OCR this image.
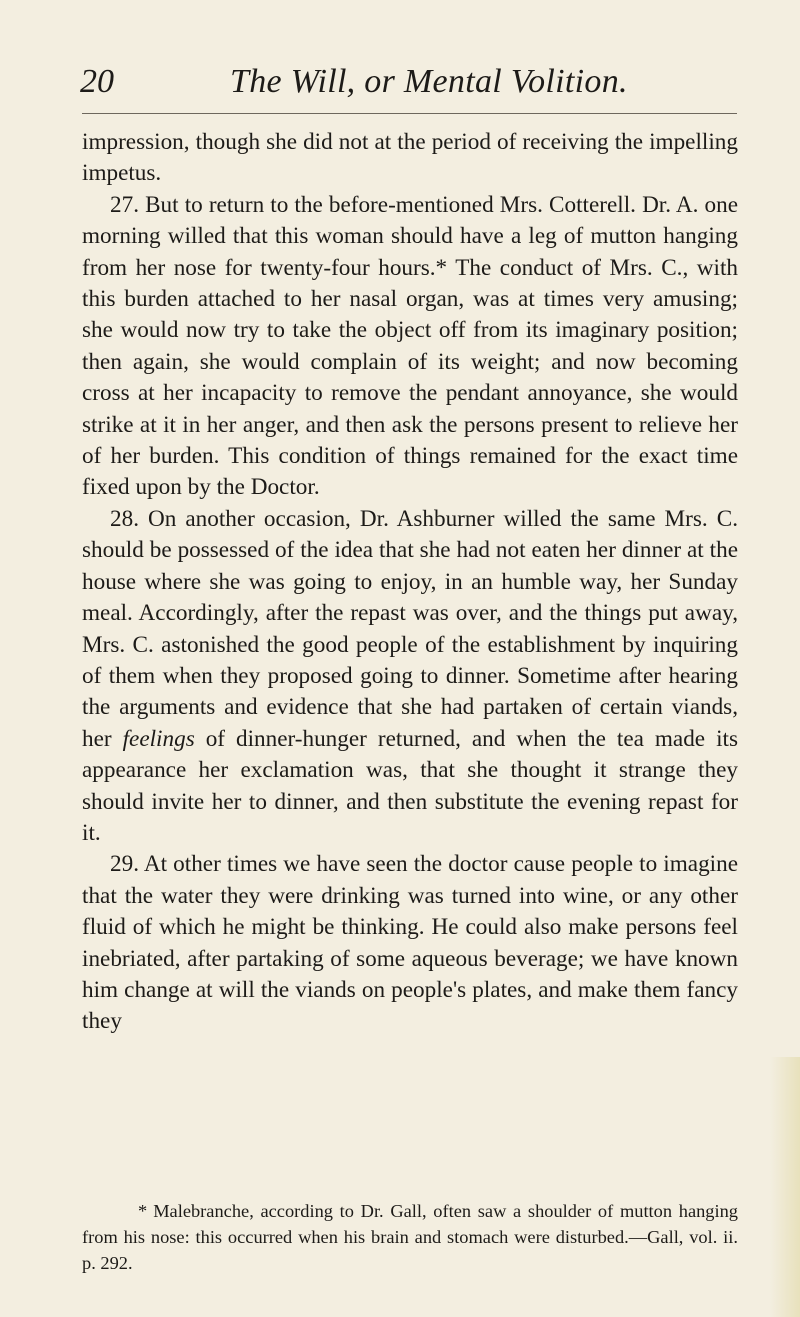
20	The Will, or Mental Volition.

impression, though she did not at the period of receiving the impelling impetus.

27. But to return to the before-mentioned Mrs. Cotterell. Dr. A. one morning willed that this woman should have a leg of mutton hanging from her nose for twenty-four hours.* The conduct of Mrs. C., with this burden attached to her nasal organ, was at times very amusing; she would now try to take the object off from its imaginary position; then again, she would complain of its weight; and now becoming cross at her incapacity to remove the pendant annoyance, she would strike at it in her anger, and then ask the persons present to relieve her of her burden. This condition of things remained for the exact time fixed upon by the Doctor.

28. On another occasion, Dr. Ashburner willed the same Mrs. C. should be possessed of the idea that she had not eaten her dinner at the house where she was going to enjoy, in an humble way, her Sunday meal. Accordingly, after the repast was over, and the things put away, Mrs. C. astonished the good people of the establishment by inquiring of them when they proposed going to dinner. Sometime after hearing the arguments and evidence that she had partaken of certain viands, her feelings of dinner-hunger returned, and when the tea made its appearance her exclamation was, that she thought it strange they should invite her to dinner, and then substitute the evening repast for it.

29. At other times we have seen the doctor cause people to imagine that the water they were drinking was turned into wine, or any other fluid of which he might be thinking. He could also make persons feel inebriated, after partaking of some aqueous beverage; we have known him change at will the viands on people's plates, and make them fancy they

* Malebranche, according to Dr. Gall, often saw a shoulder of mutton hanging from his nose: this occurred when his brain and stomach were disturbed.—Gall, vol. ii. p. 292.
